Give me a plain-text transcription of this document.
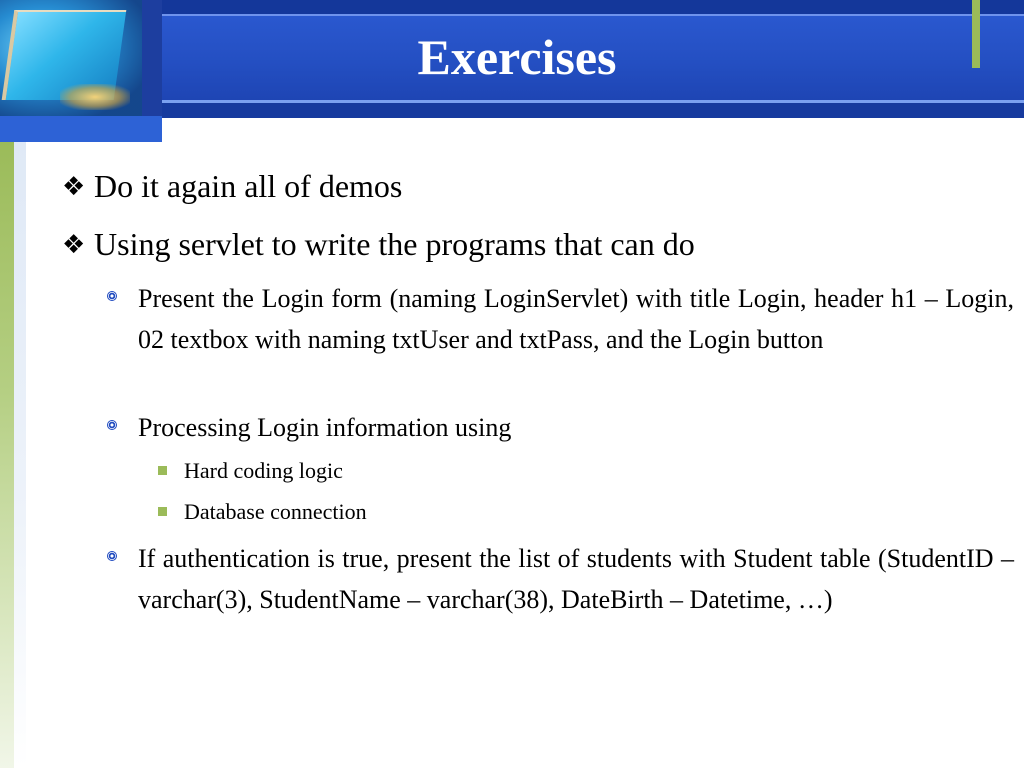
Exercises
❖ Do it again all of demos
❖ Using servlet to write the programs that can do
Present the Login form (naming LoginServlet) with title Login, header h1 – Login, 02 textbox with naming txtUser and txtPass, and the Login button
Processing Login information using
Hard coding logic
Database connection
If authentication is true, present the list of students with Student table (StudentID – varchar(3), StudentName – varchar(38), DateBirth – Datetime, …)
